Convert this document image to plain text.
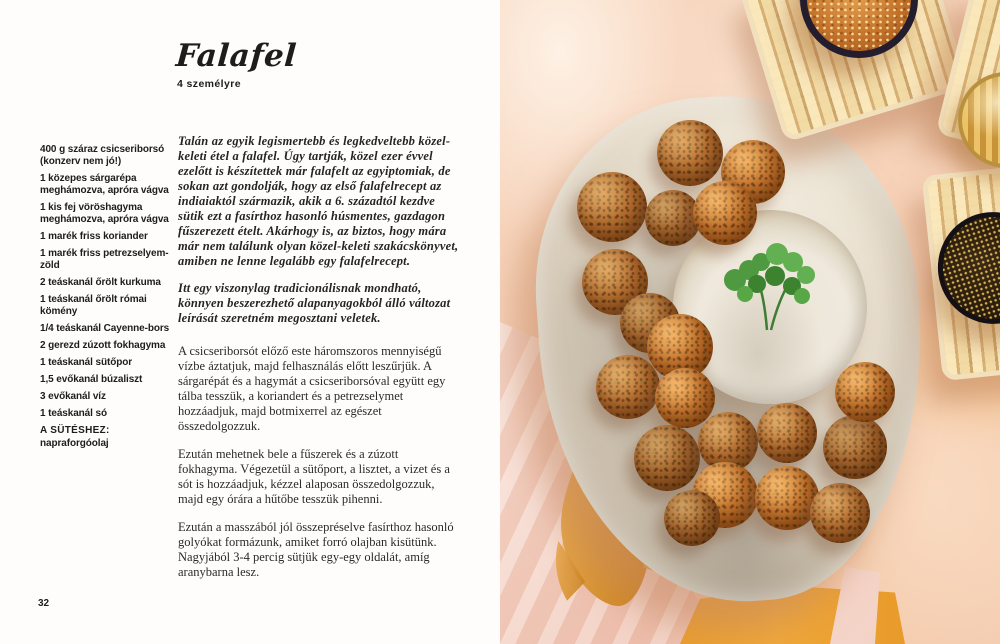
Falafel
4 személyre

400 g száraz csicseriborsó (konzerv nem jó!)

1 közepes sárgarépa meghámozva, apróra vágva

1 kis fej vöröshagyma meghámozva, apróra vágva

1 marék friss koriander

1 marék friss petrezselyemzöld

2 teáskanál őrölt kurkuma

1 teáskanál őrölt római kömény

1/4 teáskanál Cayenne-bors

2 gerezd zúzott fokhagyma

1 teáskanál sütőpor

1,5 evőkanál búzaliszt

3 evőkanál víz

1 teáskanál só

A SÜTÉSHEZ:

napraforgóolaj

Talán az egyik legismertebb és legkedveltebb közel-keleti étel a falafel. Úgy tartják, közel ezer évvel ezelőtt is készítettek már falafelt az egyiptomiak, de sokan azt gondolják, hogy az első falafelrecept az indiaiaktól származik, akik a 6. századtól kezdve sütik ezt a fasírthoz hasonló húsmentes, gazdagon fűszerezett ételt. Akárhogy is, az biztos, hogy mára már nem találunk olyan közel-keleti szakácskönyvet, amiben ne lenne legalább egy falafelrecept.

Itt egy viszonylag tradicionálisnak mondható, könnyen beszerezhető alapanyagokból álló változat leírását szeretném megosztani veletek.

A csicseriborsót előző este háromszoros mennyiségű vízbe áztatjuk, majd felhasználás előtt leszűrjük. A sárgarépát és a hagymát a csicseriborsóval együtt egy tálba tesszük, a koriandert és a petrezselymet hozzáadjuk, majd botmixerrel az egészet összedolgozzuk.

Ezután mehetnek bele a fűszerek és a zúzott fokhagyma. Végezetül a sütőport, a lisztet, a vizet és a sót is hozzáadjuk, kézzel alaposan összedolgozzuk, majd egy órára a hűtőbe tesszük pihenni.

Ezután a masszából jól összepréselve fasírthoz hasonló golyókat formázunk, amiket forró olajban kisütünk. Nagyjából 3-4 percig sütjük egy-egy oldalát, amíg aranybarna lesz.

32
